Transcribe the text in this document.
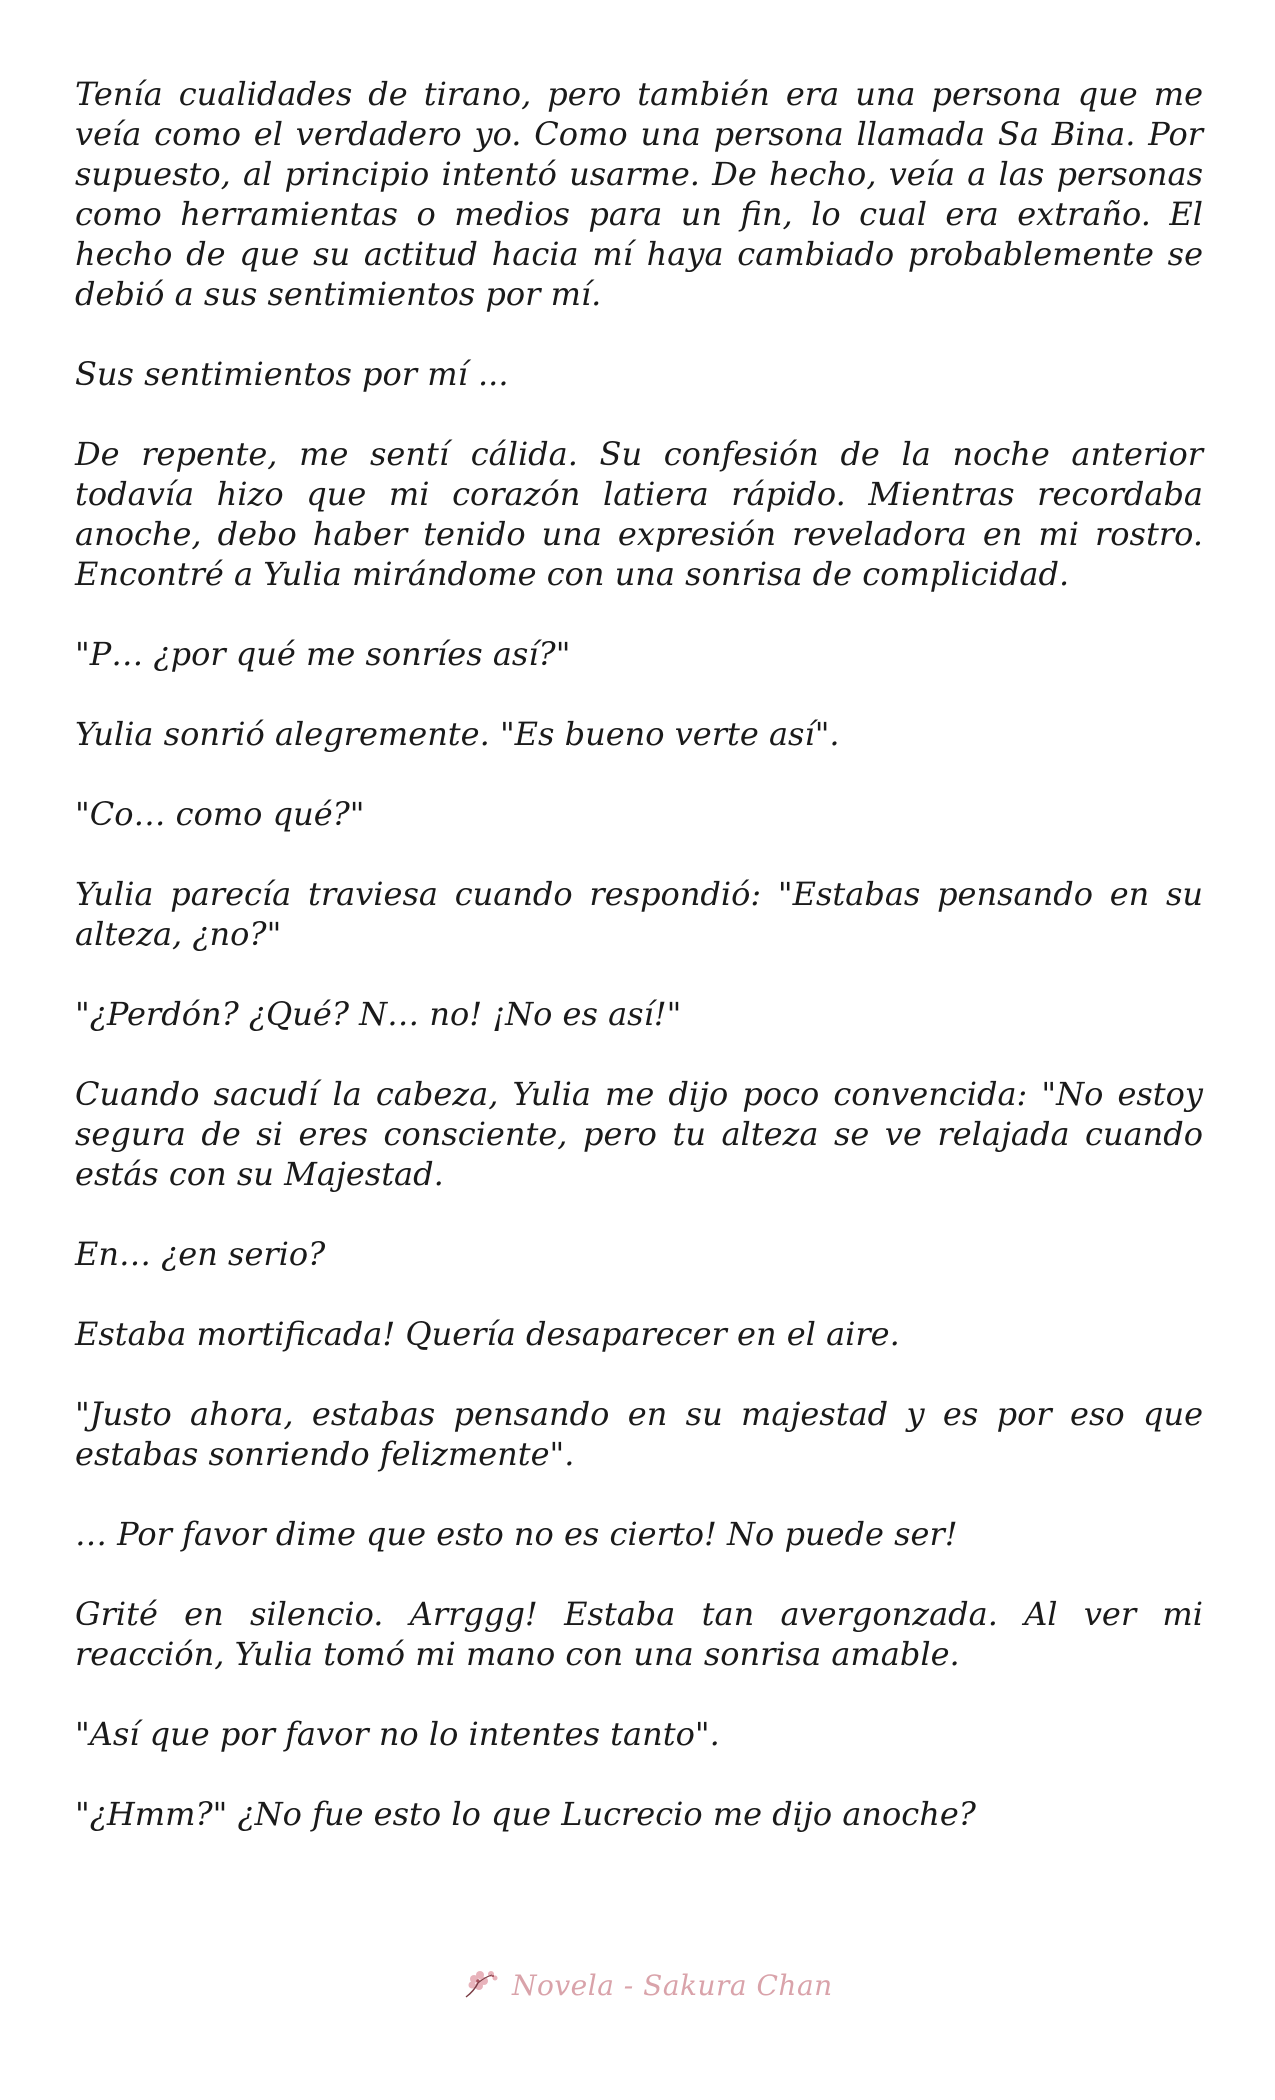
Tenía cualidades de tirano, pero también era una persona que me veía como el verdadero yo. Como una persona llamada Sa Bina. Por supuesto, al principio intentó usarme. De hecho, veía a las personas como herramientas o medios para un fin, lo cual era extraño. El hecho de que su actitud hacia mí haya cambiado probablemente se debió a sus sentimientos por mí.

Sus sentimientos por mí ...

De repente, me sentí cálida. Su confesión de la noche anterior todavía hizo que mi corazón latiera rápido. Mientras recordaba anoche, debo haber tenido una expresión reveladora en mi rostro. Encontré a Yulia mirándome con una sonrisa de complicidad.

"P… ¿por qué me sonríes así?"

Yulia sonrió alegremente. "Es bueno verte así".

"Co… como qué?"

Yulia parecía traviesa cuando respondió: "Estabas pensando en su alteza, ¿no?"

"¿Perdón? ¿Qué? N… no! ¡No es así!"

Cuando sacudí la cabeza, Yulia me dijo poco convencida: "No estoy segura de si eres consciente, pero tu alteza se ve relajada cuando estás con su Majestad.

En… ¿en serio?

Estaba mortificada! Quería desaparecer en el aire.

"Justo ahora, estabas pensando en su majestad y es por eso que estabas sonriendo felizmente".

… Por favor dime que esto no es cierto! No puede ser!

Grité en silencio. Arrggg! Estaba tan avergonzada. Al ver mi reacción, Yulia tomó mi mano con una sonrisa amable.

"Así que por favor no lo intentes tanto".

"¿Hmm?" ¿No fue esto lo que Lucrecio me dijo anoche?

Novela - Sakura Chan
